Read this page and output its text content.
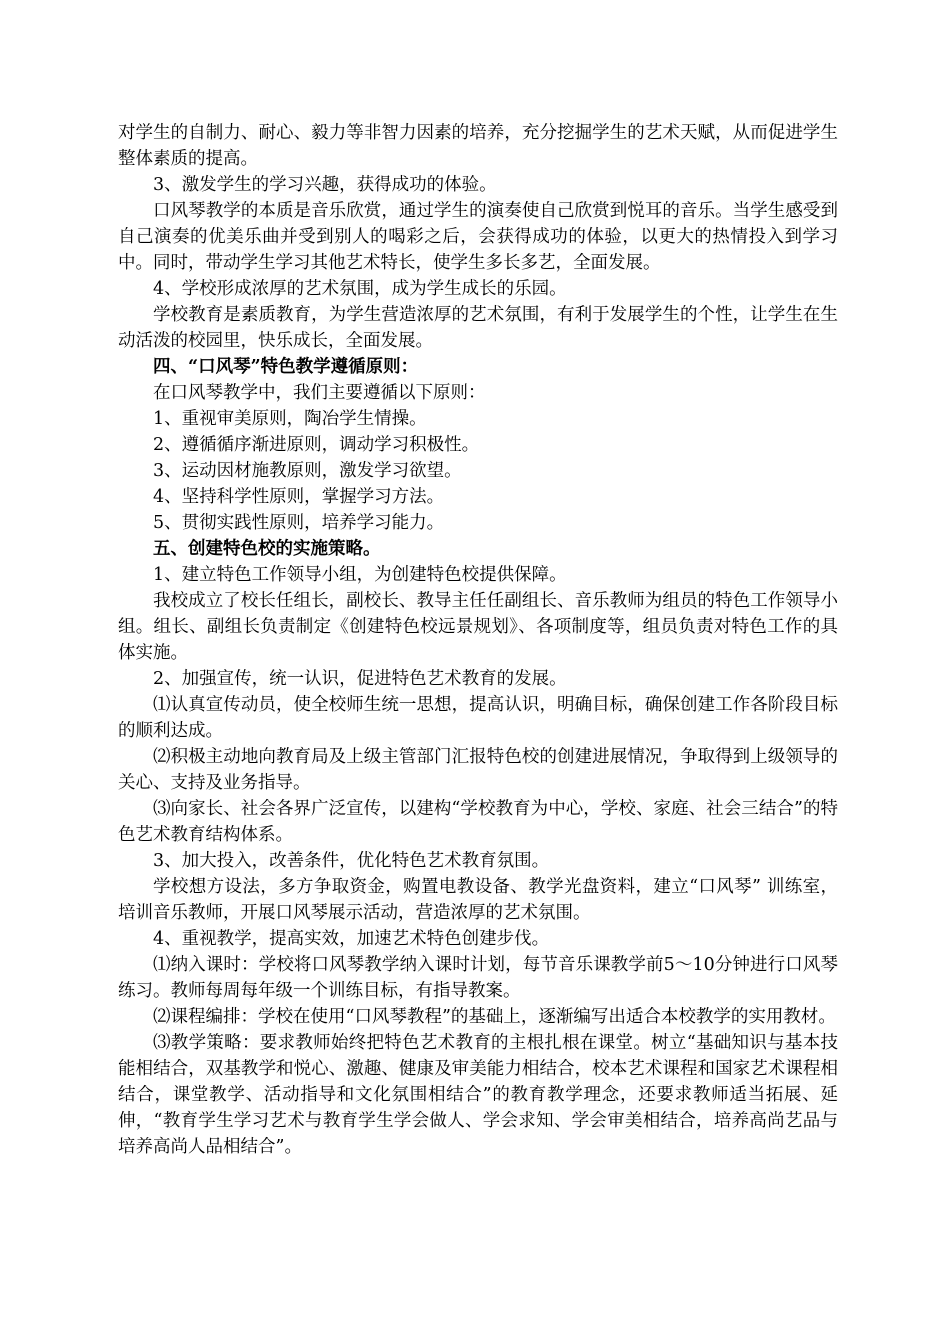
对学生的自制力、耐心、毅力等非智力因素的培养，充分挖掘学生的艺术天赋，从而促进学生整体素质的提高。

3、激发学生的学习兴趣，获得成功的体验。

口风琴教学的本质是音乐欣赏，通过学生的演奏使自己欣赏到悦耳的音乐。当学生感受到自己演奏的优美乐曲并受到别人的喝彩之后，会获得成功的体验，以更大的热情投入到学习中。同时，带动学生学习其他艺术特长，使学生多长多艺，全面发展。

4、学校形成浓厚的艺术氛围，成为学生成长的乐园。

学校教育是素质教育，为学生营造浓厚的艺术氛围，有利于发展学生的个性，让学生在生动活泼的校园里，快乐成长，全面发展。

四、“口风琴”特色教学遵循原则：

在口风琴教学中，我们主要遵循以下原则：

1、重视审美原则，陶冶学生情操。

2、遵循循序渐进原则，调动学习积极性。

3、运动因材施教原则，激发学习欲望。

4、坚持科学性原则，掌握学习方法。

5、贯彻实践性原则，培养学习能力。

五、创建特色校的实施策略。

1、建立特色工作领导小组，为创建特色校提供保障。

我校成立了校长任组长，副校长、教导主任任副组长、音乐教师为组员的特色工作领导小组。组长、副组长负责制定《创建特色校远景规划》、各项制度等，组员负责对特色工作的具体实施。

2、加强宣传，统一认识，促进特色艺术教育的发展。

⑴认真宣传动员，使全校师生统一思想，提高认识，明确目标，确保创建工作各阶段目标的顺利达成。

⑵积极主动地向教育局及上级主管部门汇报特色校的创建进展情况，争取得到上级领导的关心、支持及业务指导。

⑶向家长、社会各界广泛宣传，以建构“学校教育为中心，学校、家庭、社会三结合”的特色艺术教育结构体系。

3、加大投入，改善条件，优化特色艺术教育氛围。

学校想方设法，多方争取资金，购置电教设备、教学光盘资料，建立“口风琴” 训练室，培训音乐教师，开展口风琴展示活动，营造浓厚的艺术氛围。

4、重视教学，提高实效，加速艺术特色创建步伐。

⑴纳入课时：学校将口风琴教学纳入课时计划，每节音乐课教学前5～10分钟进行口风琴练习。教师每周每年级一个训练目标，有指导教案。

⑵课程编排：学校在使用“口风琴教程”的基础上，逐渐编写出适合本校教学的实用教材。

⑶教学策略：要求教师始终把特色艺术教育的主根扎根在课堂。树立“基础知识与基本技能相结合，双基教学和悦心、激趣、健康及审美能力相结合，校本艺术课程和国家艺术课程相结合，课堂教学、活动指导和文化氛围相结合”的教育教学理念，还要求教师适当拓展、延伸，“教育学生学习艺术与教育学生学会做人、学会求知、学会审美相结合，培养高尚艺品与培养高尚人品相结合”。
